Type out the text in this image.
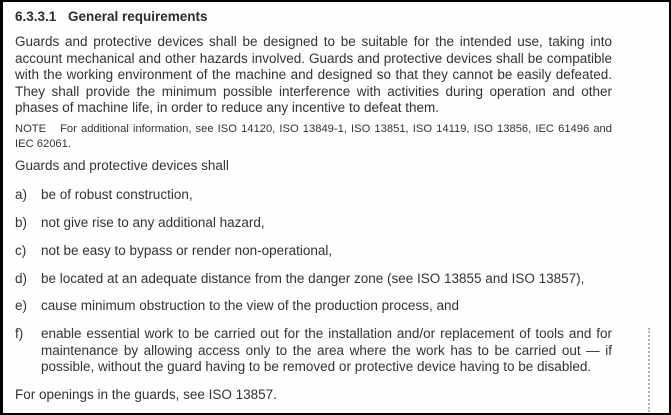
6.3.3.1 General requirements

Guards and protective devices shall be designed to be suitable for the intended use, taking into account mechanical and other hazards involved. Guards and protective devices shall be compatible with the working environment of the machine and designed so that they cannot be easily defeated. They shall provide the minimum possible interference with activities during operation and other phases of machine life, in order to reduce any incentive to defeat them.

NOTE For additional information, see ISO 14120, ISO 13849-1, ISO 13851, ISO 14119, ISO 13856, IEC 61496 and IEC 62061.

Guards and protective devices shall

a)	be of robust construction,
b)	not give rise to any additional hazard,
c)	not be easy to bypass or render non-operational,
d)	be located at an adequate distance from the danger zone (see ISO 13855 and ISO 13857),
e)	cause minimum obstruction to the view of the production process, and
f)	enable essential work to be carried out for the installation and/or replacement of tools and for maintenance by allowing access only to the area where the work has to be carried out — if possible, without the guard having to be removed or protective device having to be disabled.

For openings in the guards, see ISO 13857.
